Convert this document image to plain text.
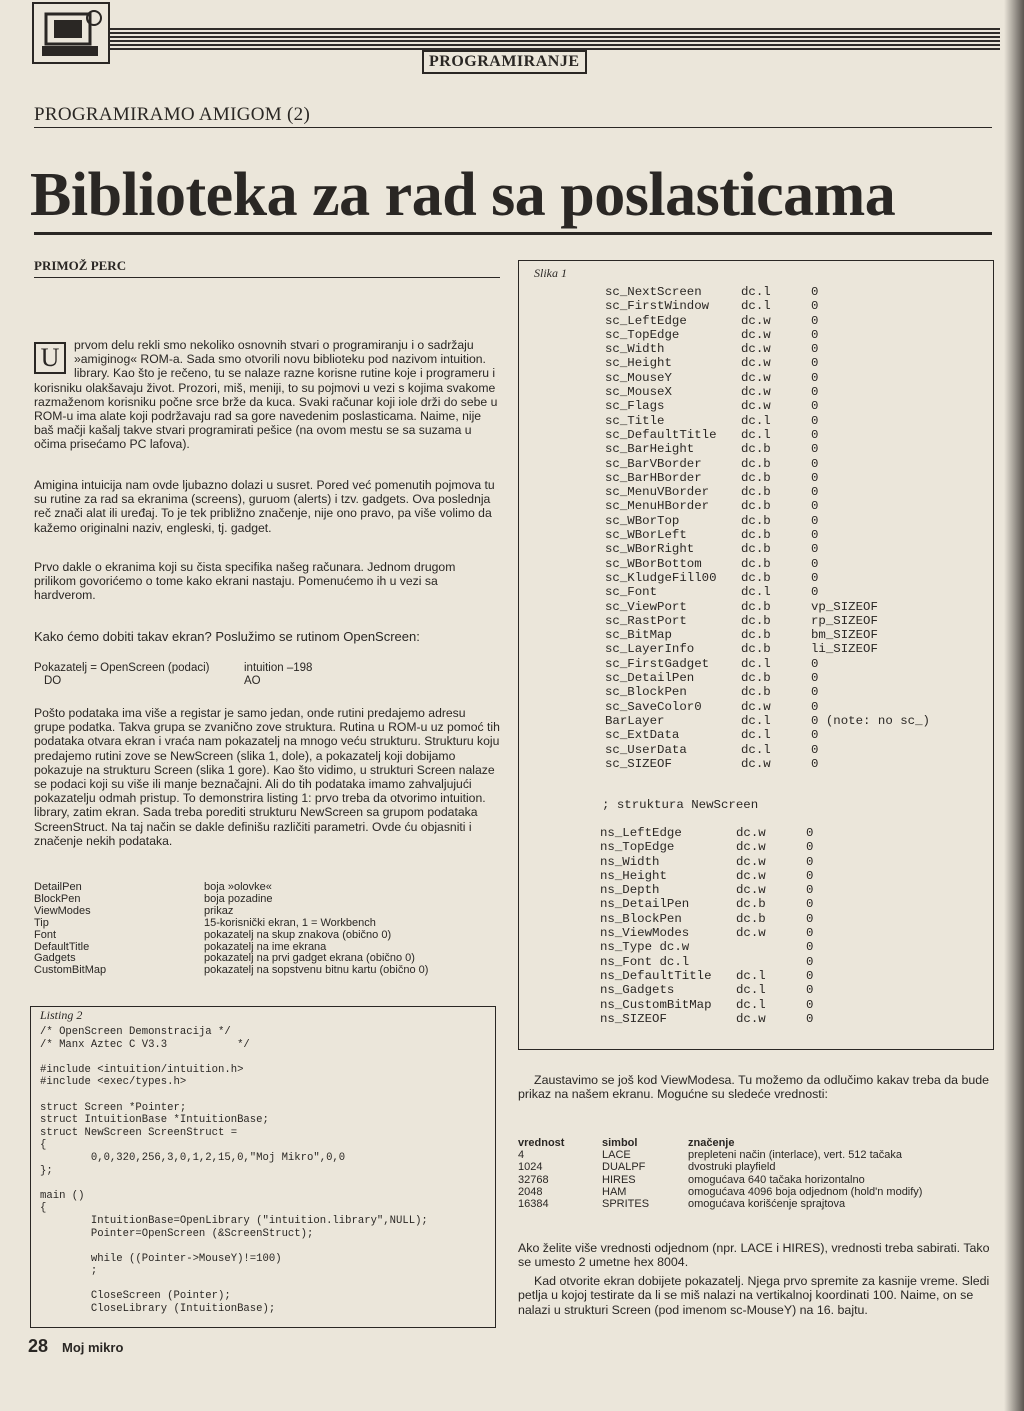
PROGRAMIRANJE
PROGRAMIRAMO AMIGOM (2)
Biblioteka za rad sa poslasticama
PRIMOŽ PERC
U	prvom delu rekli smo nekoliko osnovnih stvari o programiranju i o sadržaju »amiginog« ROM-a. Sada smo otvorili novu biblioteku pod nazivom intuition. library. Kao što je rečeno, tu se nalaze razne korisne rutine koje i programeru i korisniku olakšavaju život. Prozori, miš, meniji, to su pojmovi u vezi s kojima svakome razmaženom korisniku počne srce brže da kuca. Svaki računar koji iole drži do sebe u ROM-u ima alate koji podržavaju rad sa gore navedenim poslasticama. Naime, nije baš mačji kašalj takve stvari programirati pešice (na ovom mestu se sa suzama u očima prisećamo PC lafova).

Amigina intuicija nam ovde ljubazno dolazi u susret. Pored već pomenutih pojmova tu su rutine za rad sa ekranima (screens), guruom (alerts) i tzv. gadgets. Ova poslednja reč znači alat ili uređaj. To je tek približno značenje, nije ono pravo, pa više volimo da kažemo originalni naziv, engleski, tj. gadget.

Prvo dakle o ekranima koji su čista specifika našeg računara. Jednom drugom prilikom govorićemo o tome kako ekrani nastaju. Pomenućemo ih u vezi sa hardverom.

Kako ćemo dobiti takav ekran? Poslužimo se rutinom OpenScreen:

Pokazatelj = OpenScreen (podaci)	intuition –198
DO	AO

Pošto podataka ima više a registar je samo jedan, onde rutini predajemo adresu grupe podatka. Takva grupa se zvanično zove struktura. Rutina u ROM-u uz pomoć tih podataka otvara ekran i vraća nam pokazatelj na mnogo veću strukturu. Strukturu koju predajemo rutini zove se NewScreen (slika 1, dole), a pokazatelj koji dobijamo pokazuje na strukturu Screen (slika 1 gore). Kao što vidimo, u strukturi Screen nalaze se podaci koji su više ili manje beznačajni. Ali do tih podataka imamo zahvaljujući pokazatelju odmah pristup. To demonstrira listing 1: prvo treba da otvorimo intuition. library, zatim ekran. Sada treba porediti strukturu NewScreen sa grupom podataka ScreenStruct. Na taj način se dakle definišu različiti parametri. Ovde ću objasniti i značenje nekih podataka.

DetailPen	boja »olovke«
BlockPen	boja pozadine
ViewModes	prikaz
Tip	15-korisnički ekran, 1 = Workbench
Font	pokazatelj na skup znakova (obično 0)
DefaultTitle	pokazatelj na ime ekrana
Gadgets	pokazatelj na prvi gadget ekrana (obično 0)
CustomBitMap	pokazatelj na sopstvenu bitnu kartu (obično 0)
Listing 2
/* OpenScreen Demonstracija */
/* Manx Aztec C V3.3           */

#include <intuition/intuition.h>
#include <exec/types.h>

struct Screen *Pointer;
struct IntuitionBase *IntuitionBase;
struct NewScreen ScreenStruct =
{
0,0,320,256,3,0,1,2,15,0,"Moj Mikro",0,0
};

main ()
{
IntuitionBase=OpenLibrary ("intuition.library",NULL);
Pointer=OpenScreen (&ScreenStruct);

while ((Pointer->MouseY)!=100)
;

CloseScreen (Pointer);
CloseLibrary (IntuitionBase);
Slika 1
sc_NextScreen	dc.l	0
sc_FirstWindow	dc.l	0
sc_LeftEdge	dc.w	0
sc_TopEdge	dc.w	0
sc_Width	dc.w	0
sc_Height	dc.w	0
sc_MouseY	dc.w	0
sc_MouseX	dc.w	0
sc_Flags	dc.w	0
sc_Title	dc.l	0
sc_DefaultTitle	dc.l	0
sc_BarHeight	dc.b	0
sc_BarVBorder	dc.b	0
sc_BarHBorder	dc.b	0
sc_MenuVBorder	dc.b	0
sc_MenuHBorder	dc.b	0
sc_WBorTop	dc.b	0
sc_WBorLeft	dc.b	0
sc_WBorRight	dc.b	0
sc_WBorBottom	dc.b	0
sc_KludgeFill00	dc.b	0
sc_Font	dc.l	0
sc_ViewPort	dc.b	vp_SIZEOF
sc_RastPort	dc.b	rp_SIZEOF
sc_BitMap	dc.b	bm_SIZEOF
sc_LayerInfo	dc.b	li_SIZEOF
sc_FirstGadget	dc.l	0
sc_DetailPen	dc.b	0
sc_BlockPen	dc.b	0
sc_SaveColor0	dc.w	0
BarLayer	dc.l	0 (note: no sc_)
sc_ExtData	dc.l	0
sc_UserData	dc.l	0
sc_SIZEOF	dc.w	0
; struktura NewScreen
ns_LeftEdge	dc.w	0
ns_TopEdge	dc.w	0
ns_Width	dc.w	0
ns_Height	dc.w	0
ns_Depth	dc.w	0
ns_DetailPen	dc.b	0
ns_BlockPen	dc.b	0
ns_ViewModes	dc.w	0
ns_Type dc.w	0
ns_Font dc.l	0
ns_DefaultTitle	dc.l	0
ns_Gadgets	dc.l	0
ns_CustomBitMap	dc.l	0
ns_SIZEOF	dc.w	0

Zaustavimo se još kod ViewModesa. Tu možemo da odlučimo kakav treba da bude prikaz na našem ekranu. Mogućne su sledeće vrednosti:

vrednost	simbol	značenje
4	LACE	prepleteni način (interlace), vert. 512 tačaka
1024	DUALPF	dvostruki playfield
32768	HIRES	omogućava 640 tačaka horizontalno
2048	HAM	omogućava 4096 boja odjednom (hold'n modify)
16384	SPRITES	omogućava korišćenje sprajtova

Ako želite više vrednosti odjednom (npr. LACE i HIRES), vrednosti treba sabirati. Tako se umesto 2 umetne hex 8004.

Kad otvorite ekran dobijete pokazatelj. Njega prvo spremite za kasnije vreme. Sledi petlja u kojoj testirate da li se miš nalazi na vertikalnoj koordinati 100. Naime, on se nalazi u strukturi Screen (pod imenom sc-MouseY) na 16. bajtu.

28 Moj mikro
